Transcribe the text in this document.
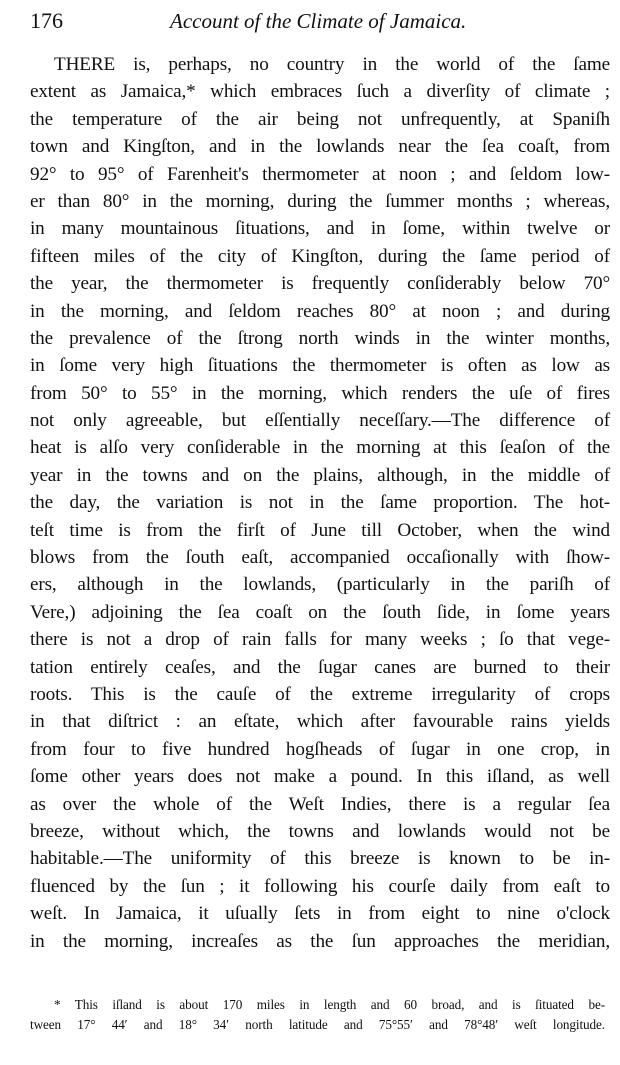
176	Account of the Climate of Jamaica.
THERE is, perhaps, no country in the world of the ſame
extent as Jamaica,* which embraces ſuch a diverſity of climate ;
the temperature of the air being not unfrequently, at Spaniſh
town and Kingſton, and in the lowlands near the ſea coaſt, from
92° to 95° of Farenheit's thermometer at noon ; and ſeldom low-
er than 80° in the morning, during the ſummer months ; whereas,
in many mountainous ſituations, and in ſome, within twelve or
fifteen miles of the city of Kingſton, during the ſame period of
the year, the thermometer is frequently conſiderably below 70°
in the morning, and ſeldom reaches 80° at noon ; and during
the prevalence of the ſtrong north winds in the winter months,
in ſome very high ſituations the thermometer is often as low as
from 50° to 55° in the morning, which renders the uſe of fires
not only agreeable, but eſſentially neceſſary.—The difference of
heat is alſo very conſiderable in the morning at this ſeaſon of the
year in the towns and on the plains, although, in the middle of
the day, the variation is not in the ſame proportion. The hot-
teſt time is from the firſt of June till October, when the wind
blows from the ſouth eaſt, accompanied occaſionally with ſhow-
ers, although in the lowlands, (particularly in the pariſh of
Vere,) adjoining the ſea coaſt on the ſouth ſide, in ſome years
there is not a drop of rain falls for many weeks ; ſo that vege-
tation entirely ceaſes, and the ſugar canes are burned to their
roots. This is the cauſe of the extreme irregularity of crops
in that diſtrict : an eſtate, which after favourable rains yields
from four to five hundred hogſheads of ſugar in one crop, in
ſome other years does not make a pound. In this iſland, as well
as over the whole of the Weſt Indies, there is a regular ſea
breeze, without which, the towns and lowlands would not be
habitable.—The uniformity of this breeze is known to be in-
fluenced by the ſun ; it following his courſe daily from eaſt to
weſt. In Jamaica, it uſually ſets in from eight to nine o'clock
in the morning, increaſes as the ſun approaches the meridian,
* This iſland is about 170 miles in length and 60 broad, and is ſituated be-
tween 17° 44′ and 18° 34′ north latitude and 75°55′ and 78°48′ weſt longitude.
